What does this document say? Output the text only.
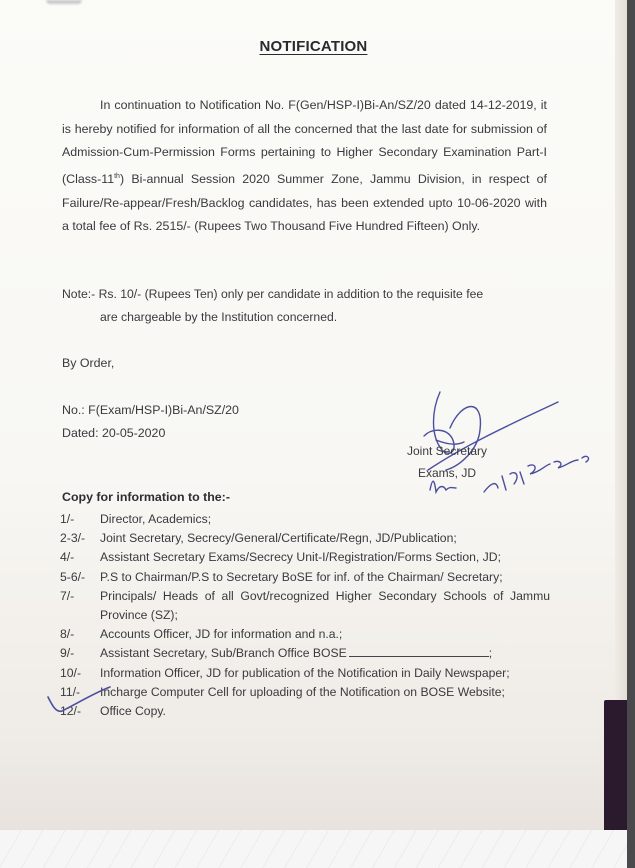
NOTIFICATION
In continuation to Notification No. F(Gen/HSP-I)Bi-An/SZ/20 dated 14-12-2019, it is hereby notified for information of all the concerned that the last date for submission of Admission-Cum-Permission Forms pertaining to Higher Secondary Examination Part-I (Class-11th) Bi-annual Session 2020 Summer Zone, Jammu Division, in respect of Failure/Re-appear/Fresh/Backlog candidates, has been extended upto 10-06-2020 with a total fee of Rs. 2515/- (Rupees Two Thousand Five Hundred Fifteen) Only.
Note:- Rs. 10/- (Rupees Ten) only per candidate in addition to the requisite fee
are chargeable by the Institution concerned.
By Order,
No.: F(Exam/HSP-I)Bi-An/SZ/20
Dated: 20-05-2020
Joint Secretary
Exams, JD
Copy for information to the:-
1/-	Director, Academics;
2-3/-	Joint Secretary, Secrecy/General/Certificate/Regn, JD/Publication;
4/-	Assistant Secretary Exams/Secrecy Unit-I/Registration/Forms Section, JD;
5-6/-	P.S to Chairman/P.S to Secretary BoSE for inf. of the Chairman/ Secretary;
7/-	Principals/ Heads of all Govt/recognized Higher Secondary Schools of Jammu Province (SZ);
8/-	Accounts Officer, JD for information and n.a.;
9/-	Assistant Secretary, Sub/Branch Office BOSE	;
10/-	Information Officer, JD for publication of the Notification in Daily Newspaper;
11/-	Incharge Computer Cell for uploading of the Notification on BOSE Website;
12/-	Office Copy.
